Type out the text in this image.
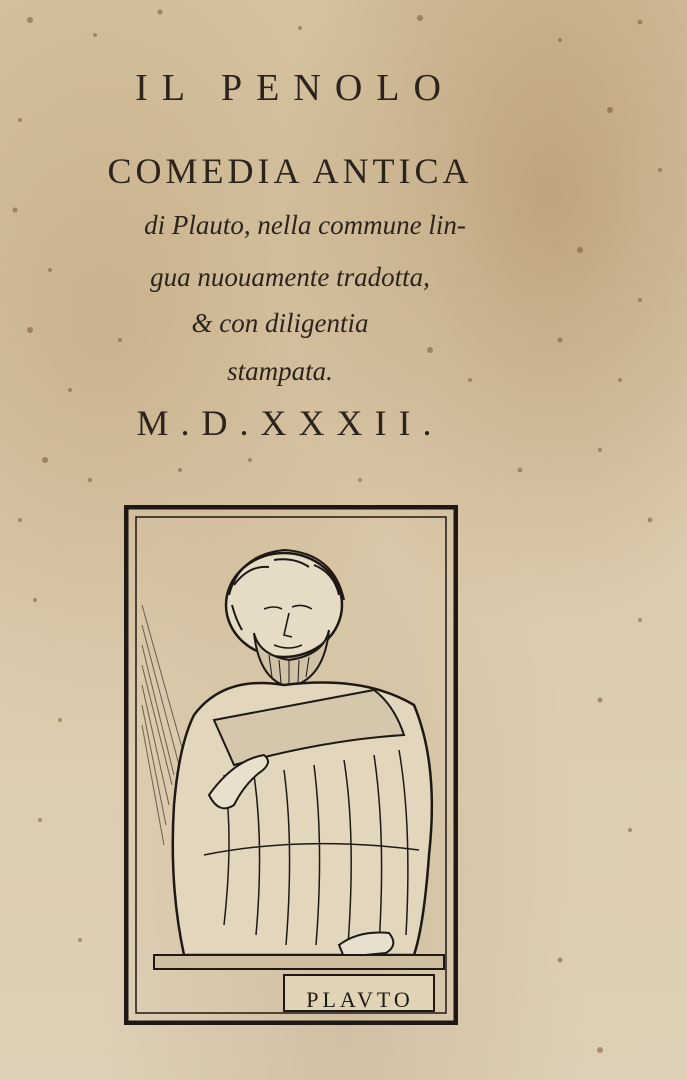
IL PENOLO
COMEDIA ANTICA
di Plauto, nella commune lin-
gua nuouamente tradotta,
& con diligentia
stampata.
M.D.XXXII.
PLAVTO
